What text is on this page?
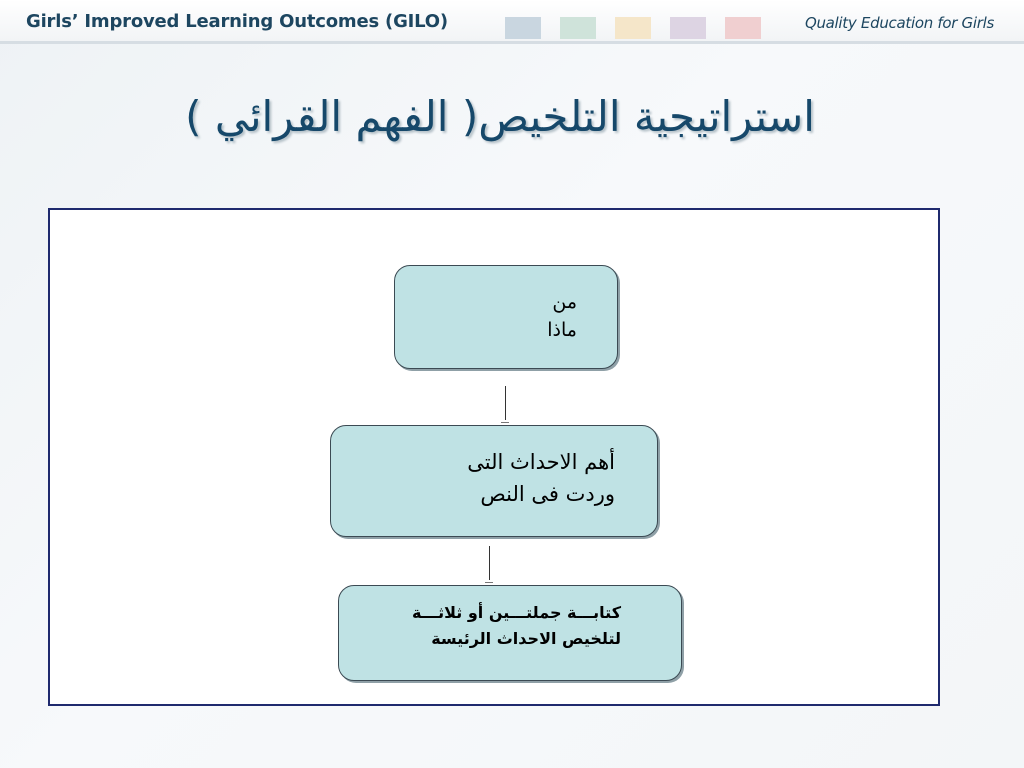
Girls’ Improved Learning Outcomes (GILO)	Quality Education for Girls
استراتيجية التلخيص( الفهم القرائي )
من
ماذا
أهم الاحداث التى
وردت فى النص
كتابـــة جملتـــين أو ثلاثـــة
لتلخيص الاحداث الرئيسة
